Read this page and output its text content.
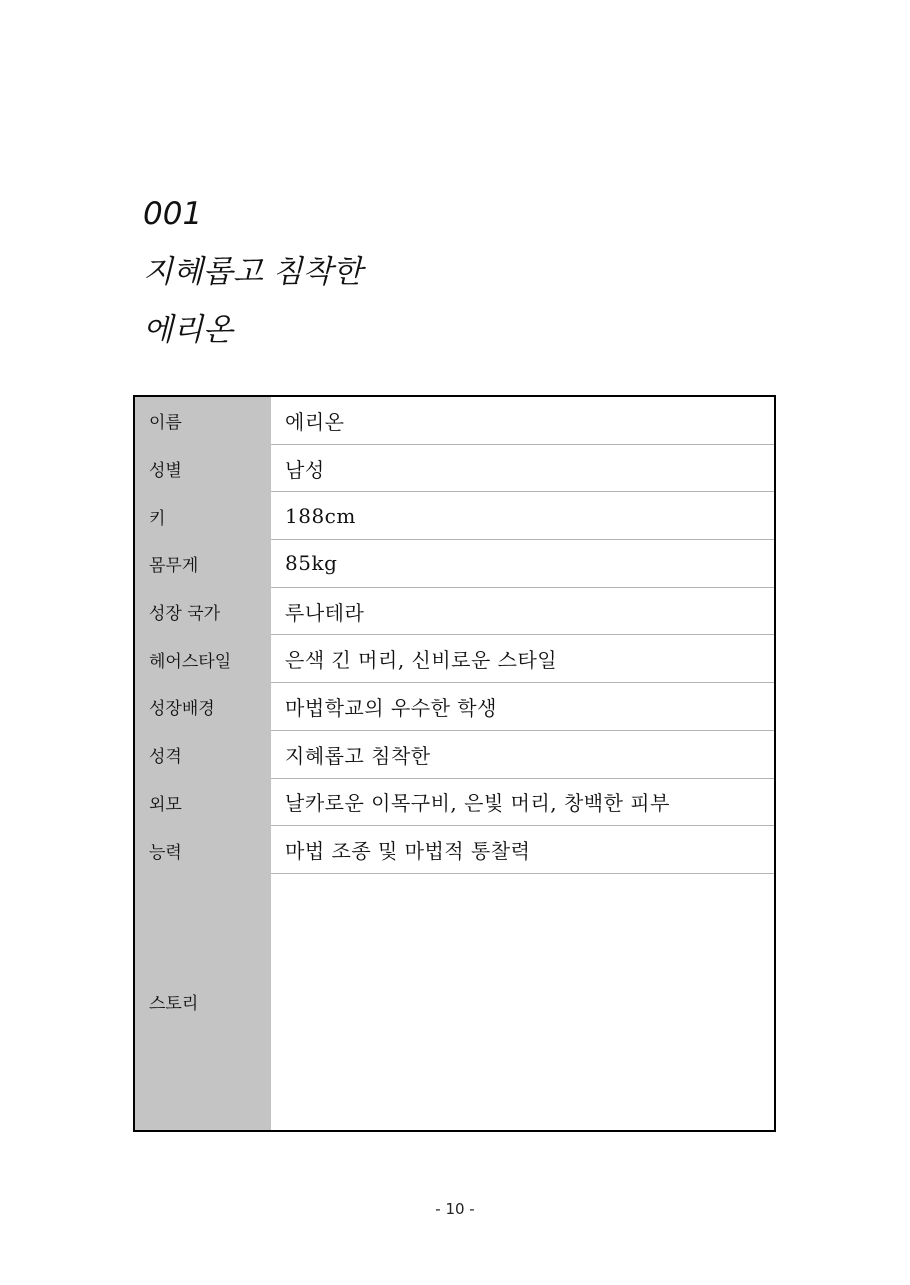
001
지혜롭고 침착한
에리온
이름	에리온
성별	남성
키	188cm
몸무게	85kg
성장 국가	루나테라
헤어스타일	은색 긴 머리, 신비로운 스타일
성장배경	마법학교의 우수한 학생
성격	지혜롭고 침착한
외모	날카로운 이목구비, 은빛 머리, 창백한 피부
능력	마법 조종 및 마법적 통찰력
스토리
- 10 -
